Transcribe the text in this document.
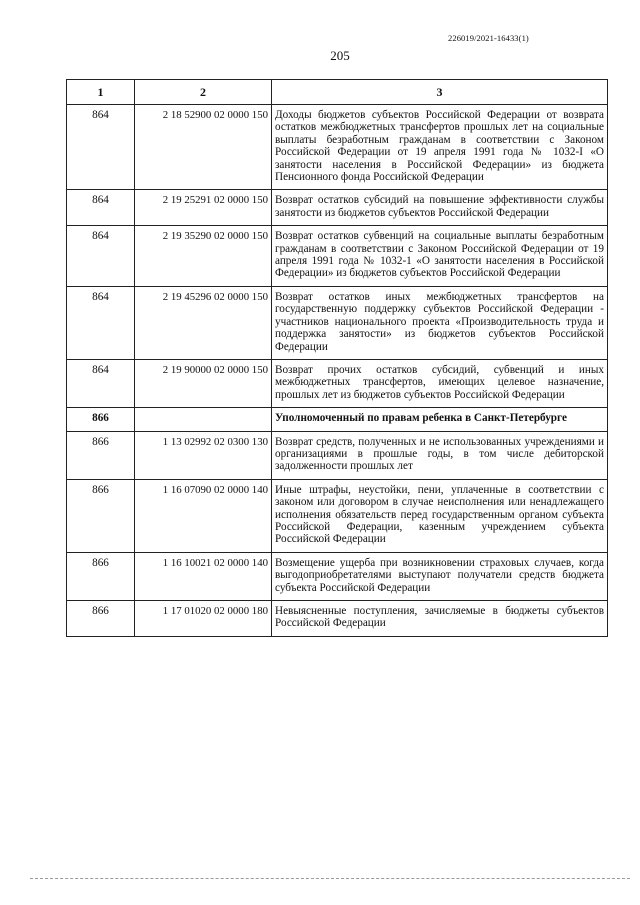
226019/2021-16433(1)
205
1	2	3
864	2 18 52900 02 0000 150	Доходы бюджетов субъектов Российской Федерации от возврата остатков межбюджетных трансфертов прошлых лет на социальные выплаты безработным гражданам в соответствии с Законом Российской Федерации от 19 апреля 1991 года № 1032-I «О занятости населения в Российской Федерации» из бюджета Пенсионного фонда Российской Федерации
864	2 19 25291 02 0000 150	Возврат остатков субсидий на повышение эффективности службы занятости из бюджетов субъектов Российской Федерации
864	2 19 35290 02 0000 150	Возврат остатков субвенций на социальные выплаты безработным гражданам в соответствии с Законом Российской Федерации от 19 апреля 1991 года № 1032-1 «О занятости населения в Российской Федерации» из бюджетов субъектов Российской Федерации
864	2 19 45296 02 0000 150	Возврат остатков иных межбюджетных трансфертов на государственную поддержку субъектов Российской Федерации - участников национального проекта «Производительность труда и поддержка занятости» из бюджетов субъектов Российской Федерации
864	2 19 90000 02 0000 150	Возврат прочих остатков субсидий, субвенций и иных межбюджетных трансфертов, имеющих целевое назначение, прошлых лет из бюджетов субъектов Российской Федерации
866		Уполномоченный по правам ребенка в Санкт-Петербурге
866	1 13 02992 02 0300 130	Возврат средств, полученных и не использованных учреждениями и организациями в прошлые годы, в том числе дебиторской задолженности прошлых лет
866	1 16 07090 02 0000 140	Иные штрафы, неустойки, пени, уплаченные в соответствии с законом или договором в случае неисполнения или ненадлежащего исполнения обязательств перед государственным органом субъекта Российской Федерации, казенным учреждением субъекта Российской Федерации
866	1 16 10021 02 0000 140	Возмещение ущерба при возникновении страховых случаев, когда выгодоприобретателями выступают получатели средств бюджета субъекта Российской Федерации
866	1 17 01020 02 0000 180	Невыясненные поступления, зачисляемые в бюджеты субъектов Российской Федерации
